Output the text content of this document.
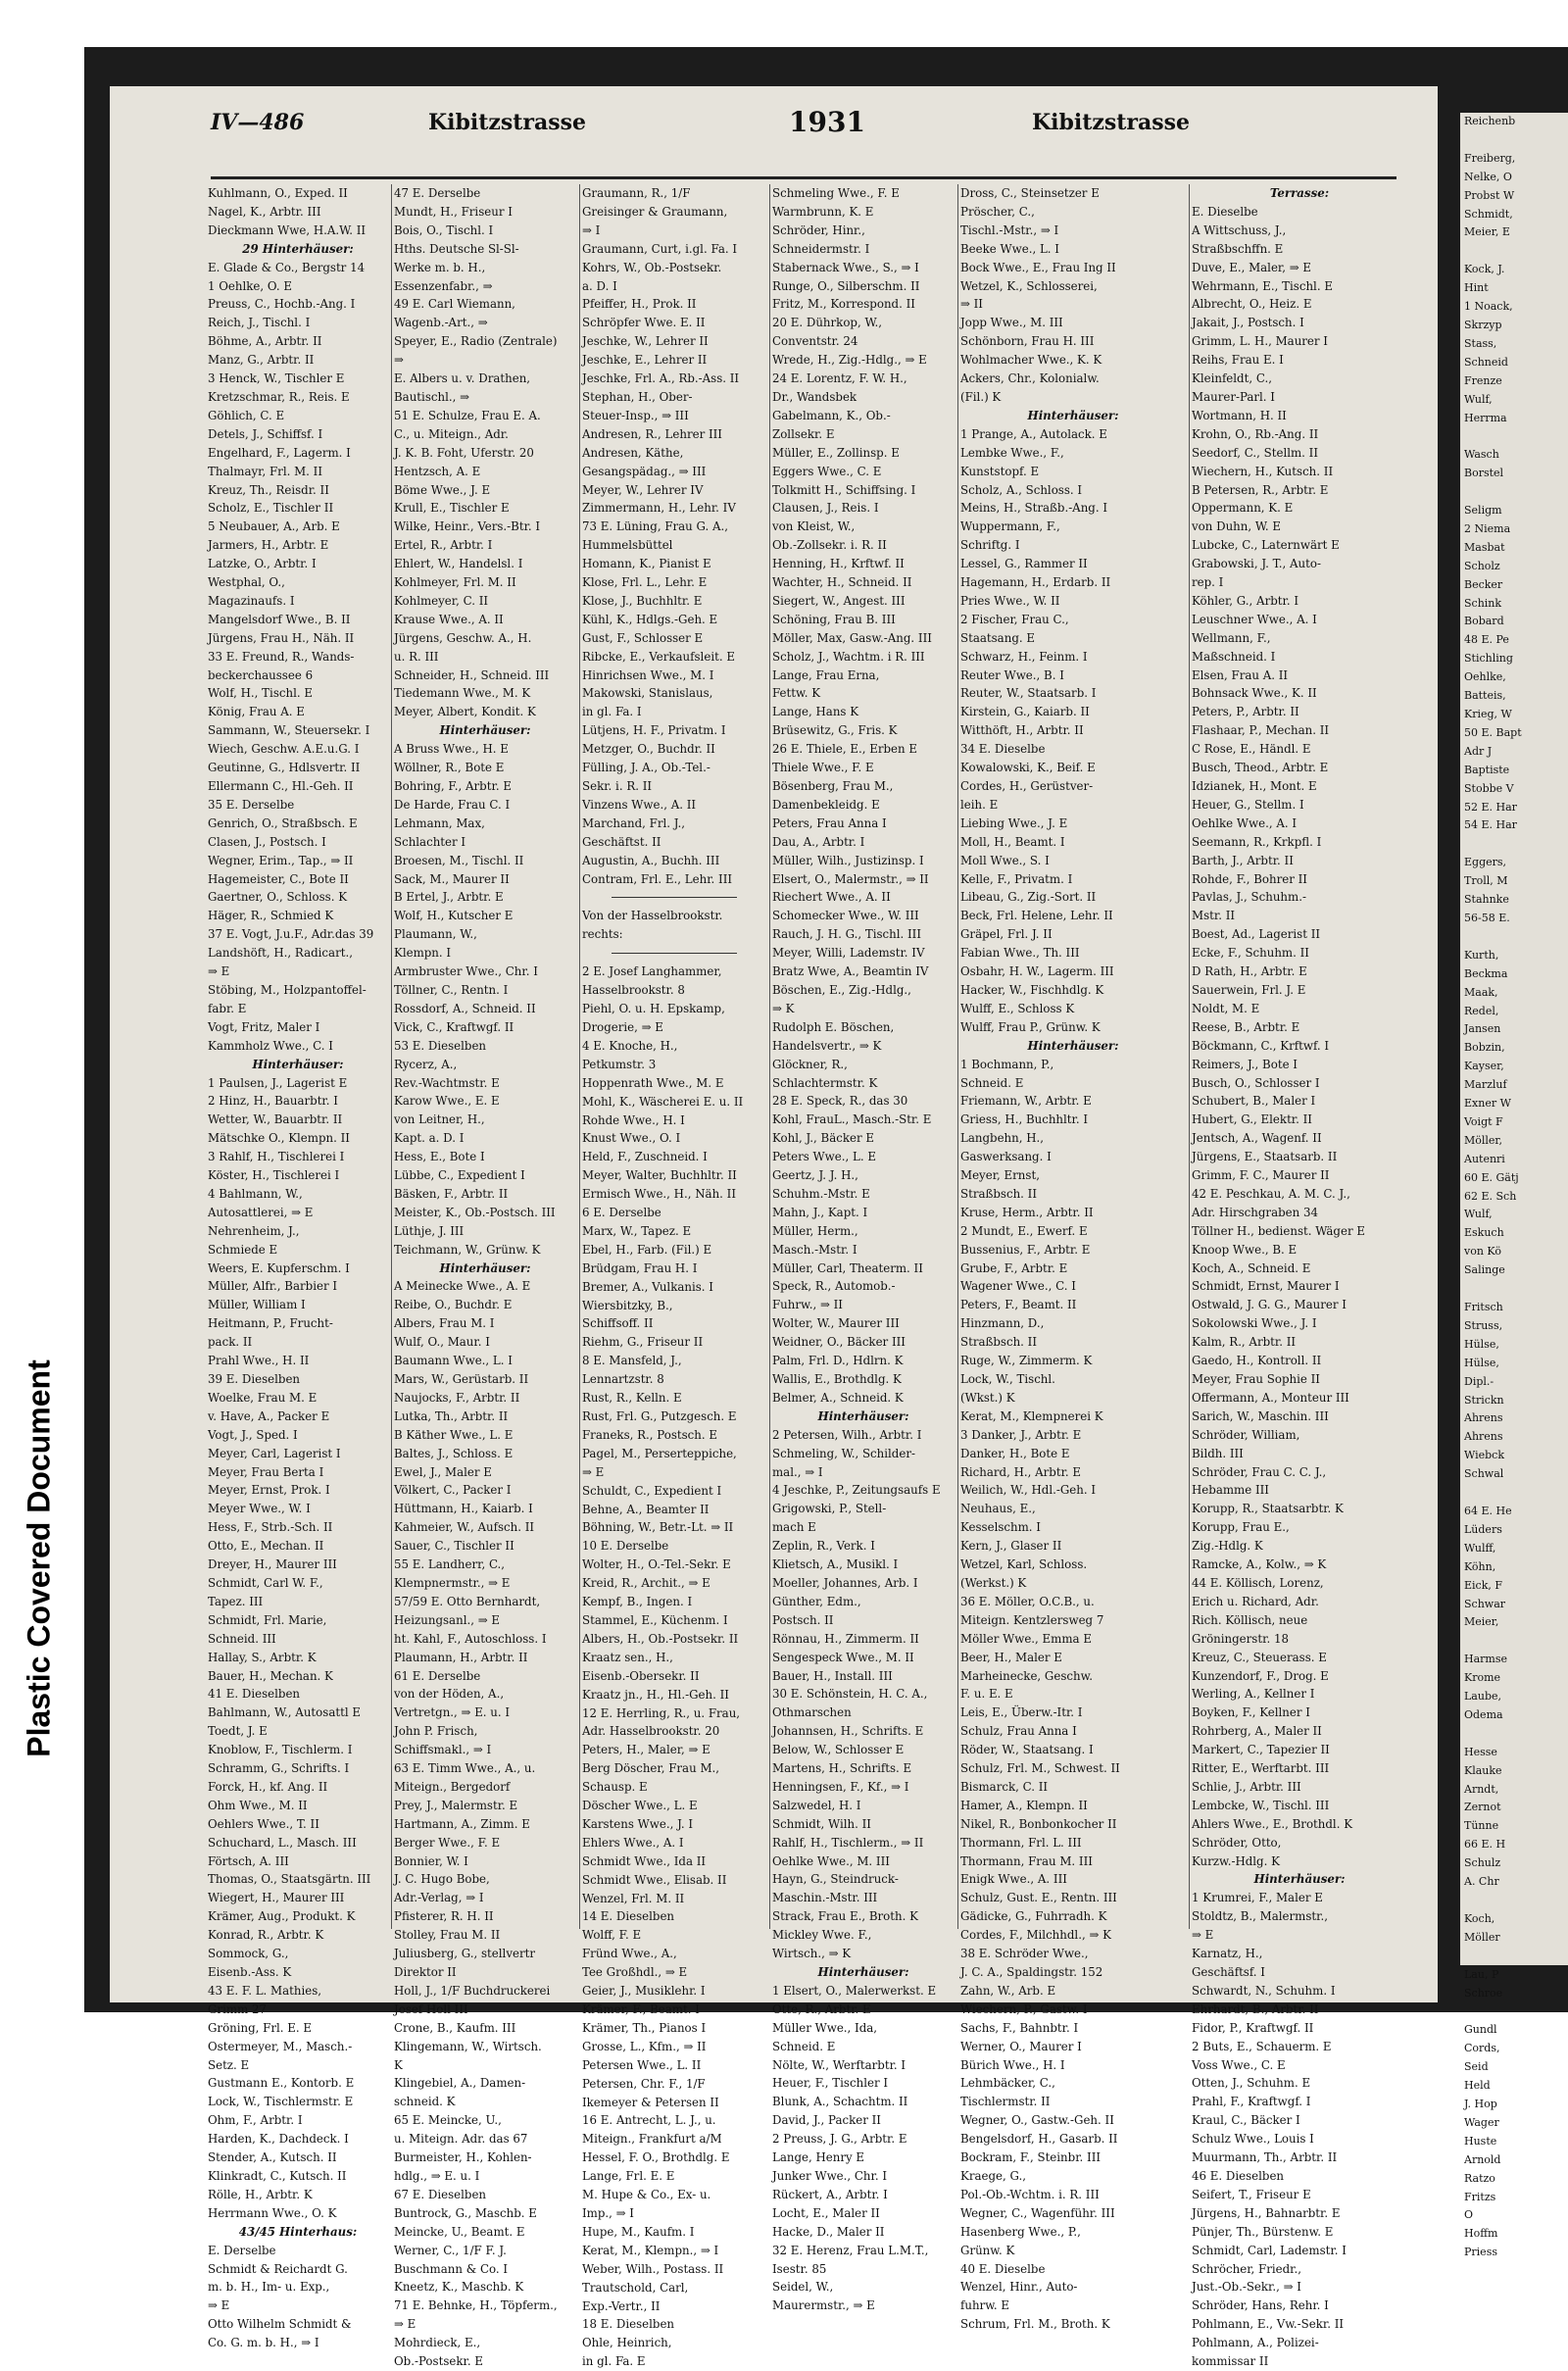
Plastic Covered Document
Reichenb

Freiberg,
Nelke, O
Probst W
Schmidt,
Meier, E

Kock, J.
Hint
1 Noack,
Skrzyp
Stass,
Schneid
Frenze
Wulf,
Herrma

Wasch
Borstel

Seligm
2 Niema
Masbat
Scholz
Becker
Schink
Bobard
48 E. Pe
Stichling
Oehlke,
Batteis,
Krieg, W
50 E. Bapt
Adr J
Baptiste
Stobbe V
52 E. Har
54 E. Har

Eggers,
Troll, M
Stahnke
56-58 E.

Kurth,
Beckma
Maak,
Redel,
Jansen
Bobzin,
Kayser,
Marzluf
Exner W
Voigt F
Möller,
Autenri
60 E. Gätj
62 E. Sch
Wulf,
Eskuch
von Kö
Salinge

Fritsch
Struss,
Hülse,
Hülse,
Dipl.-
Strickn
Ahrens
Ahrens
Wiebck
Schwal

64 E. He
Lüders
Wulff,
Köhn,
Eick, F
Schwar
Meier,

Harmse
Krome
Laube,
Odema

Hesse
Klauke
Arndt,
Zernot
Tünne
66 E. H
Schulz
A. Chr

Koch,
Möller

Lau, P
Schroe

Gundl
Cords,
Seid
Held
J. Hop
Wager
Huste
Arnold
Ratzo
Fritzs
O
Hoffm
Priess
IV—486	Kibitzstrasse	1931	Kibitzstrasse
Kuhlmann, O., Exped. II
Nagel, K., Arbtr. III
Dieckmann Wwe, H.A.W. II
29 Hinterhäuser:
E. Glade & Co., Bergstr 14
1 Oehlke, O. E
Preuss, C., Hochb.-Ang. I
Reich, J., Tischl. I
Böhme, A., Arbtr. II
Manz, G., Arbtr. II
3 Henck, W., Tischler E
Kretzschmar, R., Reis. E
Göhlich, C. E
Detels, J., Schiffsf. I
Engelhard, F., Lagerm. I
Thalmayr, Frl. M. II
Kreuz, Th., Reisdr. II
Scholz, E., Tischler II
5 Neubauer, A., Arb. E
Jarmers, H., Arbtr. E
Latzke, O., Arbtr. I
Westphal, O.,
Magazinaufs. I
Mangelsdorf Wwe., B. II
Jürgens, Frau H., Näh. II
33 E. Freund, R., Wands-
beckerchaussee 6
Wolf, H., Tischl. E
König, Frau A. E
Sammann, W., Steuersekr. I
Wiech, Geschw. A.E.u.G. I
Geutinne, G., Hdlsvertr. II
Ellermann C., Hl.-Geh. II
35 E. Derselbe
Genrich, O., Straßbsch. E
Clasen, J., Postsch. I
Wegner, Erim., Tap., ⇒ II
Hagemeister, C., Bote II
Gaertner, O., Schloss. K
Häger, R., Schmied K
37 E. Vogt, J.u.F., Adr.das 39
Landshöft, H., Radicart.,
⇒ E
Stöbing, M., Holzpantoffel-
fabr. E
Vogt, Fritz, Maler I
Kammholz Wwe., C. I
Hinterhäuser:
1 Paulsen, J., Lagerist E
2 Hinz, H., Bauarbtr. I
Wetter, W., Bauarbtr. II
Mätschke O., Klempn. II
3 Rahlf, H., Tischlerei I
Köster, H., Tischlerei I
4 Bahlmann, W.,
Autosattlerei, ⇒ E
Nehrenheim, J.,
Schmiede E
Weers, E. Kupferschm. I
Müller, Alfr., Barbier I
Müller, William I
Heitmann, P., Frucht-
pack. II
Prahl Wwe., H. II
39 E. Dieselben
Woelke, Frau M. E
v. Have, A., Packer E
Vogt, J., Sped. I
Meyer, Carl, Lagerist I
Meyer, Frau Berta I
Meyer, Ernst, Prok. I
Meyer Wwe., W. I
Hess, F., Strb.-Sch. II
Otto, E., Mechan. II
Dreyer, H., Maurer III
Schmidt, Carl W. F.,
Tapez. III
Schmidt, Frl. Marie,
Schneid. III
Hallay, S., Arbtr. K
Bauer, H., Mechan. K
41 E. Dieselben
Bahlmann, W., Autosattl E
Toedt, J. E
Knoblow, F., Tischlerm. I
Schramm, G., Schrifts. I
Forck, H., kf. Ang. II
Ohm Wwe., M. II
Oehlers Wwe., T. II
Schuchard, L., Masch. III
Förtsch, A. III
Thomas, O., Staatsgärtn. III
Wiegert, H., Maurer III
Krämer, Aug., Produkt. K
Konrad, R., Arbtr. K
Sommock, G.,
Eisenb.-Ass. K
43 E. F. L. Mathies,
Grimm 27
Gröning, Frl. E. E
Ostermeyer, M., Masch.-
Setz. E
Gustmann E., Kontorb. E
Lock, W., Tischlermstr. E
Ohm, F., Arbtr. I
Harden, K., Dachdeck. I
Stender, A., Kutsch. II
Klinkradt, C., Kutsch. II
Rölle, H., Arbtr. K
Herrmann Wwe., O. K
43/45 Hinterhaus:
E. Derselbe
Schmidt & Reichardt G.
m. b. H., Im- u. Exp.,
⇒ E
Otto Wilhelm Schmidt &
Co. G. m. b. H., ⇒ I
47 E. Derselbe
Mundt, H., Friseur I
Bois, O., Tischl. I
Hths. Deutsche Sl-Sl-
Werke m. b. H.,
Essenzenfabr., ⇒
49 E. Carl Wiemann,
Wagenb.-Art., ⇒
Speyer, E., Radio (Zentrale)
⇒
E. Albers u. v. Drathen,
Bautischl., ⇒
51 E. Schulze, Frau E. A.
C., u. Miteign., Adr.
J. K. B. Foht, Uferstr. 20
Hentzsch, A. E
Böme Wwe., J. E
Krull, E., Tischler E
Wilke, Heinr., Vers.-Btr. I
Ertel, R., Arbtr. I
Ehlert, W., Handelsl. I
Kohlmeyer, Frl. M. II
Kohlmeyer, C. II
Krause Wwe., A. II
Jürgens, Geschw. A., H.
u. R. III
Schneider, H., Schneid. III
Tiedemann Wwe., M. K
Meyer, Albert, Kondit. K
Hinterhäuser:
A Bruss Wwe., H. E
Wöllner, R., Bote E
Bohring, F., Arbtr. E
De Harde, Frau C. I
Lehmann, Max,
Schlachter I
Broesen, M., Tischl. II
Sack, M., Maurer II
B Ertel, J., Arbtr. E
Wolf, H., Kutscher E
Plaumann, W.,
Klempn. I
Armbruster Wwe., Chr. I
Töllner, C., Rentn. I
Rossdorf, A., Schneid. II
Vick, C., Kraftwgf. II
53 E. Dieselben
Rycerz, A.,
Rev.-Wachtmstr. E
Karow Wwe., E. E
von Leitner, H.,
Kapt. a. D. I
Hess, E., Bote I
Lübbe, C., Expedient I
Bäsken, F., Arbtr. II
Meister, K., Ob.-Postsch. III
Lüthje, J. III
Teichmann, W., Grünw. K
Hinterhäuser:
A Meinecke Wwe., A. E
Reibe, O., Buchdr. E
Albers, Frau M. I
Wulf, O., Maur. I
Baumann Wwe., L. I
Mars, W., Gerüstarb. II
Naujocks, F., Arbtr. II
Lutka, Th., Arbtr. II
B Käther Wwe., L. E
Baltes, J., Schloss. E
Ewel, J., Maler E
Völkert, C., Packer I
Hüttmann, H., Kaiarb. I
Kahmeier, W., Aufsch. II
Sauer, C., Tischler II
55 E. Landherr, C.,
Klempnermstr., ⇒ E
57/59 E. Otto Bernhardt,
Heizungsanl., ⇒ E
ht. Kahl, F., Autoschloss. I
Plaumann, H., Arbtr. II
61 E. Derselbe
von der Höden, A.,
Vertretgn., ⇒ E. u. I
John P. Frisch,
Schiffsmakl., ⇒ I
63 E. Timm Wwe., A., u.
Miteign., Bergedorf
Prey, J., Malermstr. E
Hartmann, A., Zimm. E
Berger Wwe., F. E
Bonnier, W. I
J. C. Hugo Bobe,
Adr.-Verlag, ⇒ I
Pfisterer, R. H. II
Stolley, Frau M. II
Juliusberg, G., stellvertr
Direktor II
Holl, J., 1/F Buchdruckerei
Josef Holl III
Crone, B., Kaufm. III
Klingemann, W., Wirtsch.
K
Klingebiel, A., Damen-
schneid. K
65 E. Meincke, U.,
u. Miteign. Adr. das 67
Burmeister, H., Kohlen-
hdlg., ⇒ E. u. I
67 E. Dieselben
Buntrock, G., Maschb. E
Meincke, U., Beamt. E
Werner, C., 1/F F. J.
Buschmann & Co. I
Kneetz, K., Maschb. K
71 E. Behnke, H., Töpferm.,
⇒ E
Mohrdieck, E.,
Ob.-Postsekr. E
Graumann, R., 1/F
Greisinger & Graumann,
⇒ I
Graumann, Curt, i.gl. Fa. I
Kohrs, W., Ob.-Postsekr.
a. D. I
Pfeiffer, H., Prok. II
Schröpfer Wwe. E. II
Jeschke, W., Lehrer II
Jeschke, E., Lehrer II
Jeschke, Frl. A., Rb.-Ass. II
Stephan, H., Ober-
Steuer-Insp., ⇒ III
Andresen, R., Lehrer III
Andresen, Käthe,
Gesangspädag., ⇒ III
Meyer, W., Lehrer IV
Zimmermann, H., Lehr. IV
73 E. Lüning, Frau G. A.,
Hummelsbüttel
Homann, K., Pianist E
Klose, Frl. L., Lehr. E
Klose, J., Buchhltr. E
Kühl, K., Hdlgs.-Geh. E
Gust, F., Schlosser E
Ribcke, E., Verkaufsleit. E
Hinrichsen Wwe., M. I
Makowski, Stanislaus,
in gl. Fa. I
Lütjens, H. F., Privatm. I
Metzger, O., Buchdr. II
Fülling, J. A., Ob.-Tel.-
Sekr. i. R. II
Vinzens Wwe., A. II
Marchand, Frl. J.,
Geschäftst. II
Augustin, A., Buchh. III
Contram, Frl. E., Lehr. III
Von der Hasselbrookstr.
rechts:
2 E. Josef Langhammer,
Hasselbrookstr. 8
Piehl, O. u. H. Epskamp,
Drogerie, ⇒ E
4 E. Knoche, H.,
Petkumstr. 3
Hoppenrath Wwe., M. E
Mohl, K., Wäscherei E. u. II
Rohde Wwe., H. I
Knust Wwe., O. I
Held, F., Zuschneid. I
Meyer, Walter, Buchhltr. II
Ermisch Wwe., H., Näh. II
6 E. Derselbe
Marx, W., Tapez. E
Ebel, H., Farb. (Fil.) E
Brüdgam, Frau H. I
Bremer, A., Vulkanis. I
Wiersbitzky, B.,
Schiffsoff. II
Riehm, G., Friseur II
8 E. Mansfeld, J.,
Lennartzstr. 8
Rust, R., Kelln. E
Rust, Frl. G., Putzgesch. E
Franeks, R., Postsch. E
Pagel, M., Perserteppiche,
⇒ E
Schuldt, C., Expedient I
Behne, A., Beamter II
Böhning, W., Betr.-Lt. ⇒ II
10 E. Derselbe
Wolter, H., O.-Tel.-Sekr. E
Kreid, R., Archit., ⇒ E
Kempf, B., Ingen. I
Stammel, E., Küchenm. I
Albers, H., Ob.-Postsekr. II
Kraatz sen., H.,
Eisenb.-Obersekr. II
Kraatz jn., H., Hl.-Geh. II
12 E. Herrling, R., u. Frau,
Adr. Hasselbrookstr. 20
Peters, H., Maler, ⇒ E
Berg Döscher, Frau M.,
Schausp. E
Döscher Wwe., L. E
Karstens Wwe., J. I
Ehlers Wwe., A. I
Schmidt Wwe., Ida II
Schmidt Wwe., Elisab. II
Wenzel, Frl. M. II
14 E. Dieselben
Wolff, F. E
Fründ Wwe., A.,
Tee Großhdl., ⇒ E
Geier, J., Musiklehr. I
Krämer, F., Beamt. I
Krämer, Th., Pianos I
Grosse, L., Kfm., ⇒ II
Petersen Wwe., L. II
Petersen, Chr. F., 1/F
Ikemeyer & Petersen II
16 E. Antrecht, L. J., u.
Miteign., Frankfurt a/M
Hessel, F. O., Brothdlg. E
Lange, Frl. E. E
M. Hupe & Co., Ex- u.
Imp., ⇒ I
Hupe, M., Kaufm. I
Kerat, M., Klempn., ⇒ I
Weber, Wilh., Postass. II
Trautschold, Carl,
Exp.-Vertr., II
18 E. Dieselben
Ohle, Heinrich,
in gl. Fa. E
Schmeling Wwe., F. E
Warmbrunn, K. E
Schröder, Hinr.,
Schneidermstr. I
Stabernack Wwe., S., ⇒ I
Runge, O., Silberschm. II
Fritz, M., Korrespond. II
20 E. Dührkop, W.,
Conventstr. 24
Wrede, H., Zig.-Hdlg., ⇒ E
24 E. Lorentz, F. W. H.,
Dr., Wandsbek
Gabelmann, K., Ob.-
Zollsekr. E
Müller, E., Zollinsp. E
Eggers Wwe., C. E
Tolkmitt H., Schiffsing. I
Clausen, J., Reis. I
von Kleist, W.,
Ob.-Zollsekr. i. R. II
Henning, H., Krftwf. II
Wachter, H., Schneid. II
Siegert, W., Angest. III
Schöning, Frau B. III
Möller, Max, Gasw.-Ang. III
Scholz, J., Wachtm. i R. III
Lange, Frau Erna,
Fettw. K
Lange, Hans K
Brüsewitz, G., Fris. K
26 E. Thiele, E., Erben E
Thiele Wwe., F. E
Bösenberg, Frau M.,
Damenbekleidg. E
Peters, Frau Anna I
Dau, A., Arbtr. I
Müller, Wilh., Justizinsp. I
Elsert, O., Malermstr., ⇒ II
Riechert Wwe., A. II
Schomecker Wwe., W. III
Rauch, J. H. G., Tischl. III
Meyer, Willi, Lademstr. IV
Bratz Wwe, A., Beamtin IV
Böschen, E., Zig.-Hdlg.,
⇒ K
Rudolph E. Böschen,
Handelsvertr., ⇒ K
Glöckner, R.,
Schlachtermstr. K
28 E. Speck, R., das 30
Kohl, FrauL., Masch.-Str. E
Kohl, J., Bäcker E
Peters Wwe., L. E
Geertz, J. J. H.,
Schuhm.-Mstr. E
Mahn, J., Kapt. I
Müller, Herm.,
Masch.-Mstr. I
Müller, Carl, Theaterm. II
Speck, R., Automob.-
Fuhrw., ⇒ II
Wolter, W., Maurer III
Weidner, O., Bäcker III
Palm, Frl. D., Hdlrn. K
Wallis, E., Brothdlg. K
Belmer, A., Schneid. K
Hinterhäuser:
2 Petersen, Wilh., Arbtr. I
Schmeling, W., Schilder-
mal., ⇒ I
4 Jeschke, P., Zeitungsaufs E
Grigowski, P., Stell-
mach E
Zeplin, R., Verk. I
Klietsch, A., Musikl. I
Moeller, Johannes, Arb. I
Günther, Edm.,
Postsch. II
Rönnau, H., Zimmerm. II
Sengespeck Wwe., M. II
Bauer, H., Install. III
30 E. Schönstein, H. C. A.,
Othmarschen
Johannsen, H., Schrifts. E
Below, W., Schlosser E
Martens, H., Schrifts. E
Henningsen, F., Kf., ⇒ I
Salzwedel, H. I
Schmidt, Wilh. II
Rahlf, H., Tischlerm., ⇒ II
Oehlke Wwe., M. III
Hayn, G., Steindruck-
Maschin.-Mstr. III
Strack, Frau E., Broth. K
Mickley Wwe. F.,
Wirtsch., ⇒ K
Hinterhäuser:
1 Elsert, O., Malerwerkst. E
Otte, R., Arbtr. E
Müller Wwe., Ida,
Schneid. E
Nölte, W., Werftarbtr. I
Heuer, F., Tischler I
Blunk, A., Schachtm. II
David, J., Packer II
2 Preuss, J. G., Arbtr. E
Lange, Henry E
Junker Wwe., Chr. I
Rückert, A., Arbtr. I
Locht, E., Maler II
Hacke, D., Maler II
32 E. Herenz, Frau L.M.T.,
Isestr. 85
Seidel, W.,
Maurermstr., ⇒ E
Dross, C., Steinsetzer E
Pröscher, C.,
Tischl.-Mstr., ⇒ I
Beeke Wwe., L. I
Bock Wwe., E., Frau Ing II
Wetzel, K., Schlosserei,
⇒ II
Jopp Wwe., M. III
Schönborn, Frau H. III
Wohlmacher Wwe., K. K
Ackers, Chr., Kolonialw.
(Fil.) K
Hinterhäuser:
1 Prange, A., Autolack. E
Lembke Wwe., F.,
Kunststopf. E
Scholz, A., Schloss. I
Meins, H., Straßb.-Ang. I
Wuppermann, F.,
Schriftg. I
Lessel, G., Rammer II
Hagemann, H., Erdarb. II
Pries Wwe., W. II
2 Fischer, Frau C.,
Staatsang. E
Schwarz, H., Feinm. I
Reuter Wwe., B. I
Reuter, W., Staatsarb. I
Kirstein, G., Kaiarb. II
Witthöft, H., Arbtr. II
34 E. Dieselbe
Kowalowski, K., Beif. E
Cordes, H., Gerüstver-
leih. E
Liebing Wwe., J. E
Moll, H., Beamt. I
Moll Wwe., S. I
Kelle, F., Privatm. I
Libeau, G., Zig.-Sort. II
Beck, Frl. Helene, Lehr. II
Gräpel, Frl. J. II
Fabian Wwe., Th. III
Osbahr, H. W., Lagerm. III
Hacker, W., Fischhdlg. K
Wulff, E., Schloss K
Wulff, Frau P., Grünw. K
Hinterhäuser:
1 Bochmann, P.,
Schneid. E
Friemann, W., Arbtr. E
Griess, H., Buchhltr. I
Langbehn, H.,
Gaswerksang. I
Meyer, Ernst,
Straßbsch. II
Kruse, Herm., Arbtr. II
2 Mundt, E., Ewerf. E
Bussenius, F., Arbtr. E
Grube, F., Arbtr. E
Wagener Wwe., C. I
Peters, F., Beamt. II
Hinzmann, D.,
Straßbsch. II
Ruge, W., Zimmerm. K
Lock, W., Tischl.
(Wkst.) K
Kerat, M., Klempnerei K
3 Danker, J., Arbtr. E
Danker, H., Bote E
Richard, H., Arbtr. E
Weilich, W., Hdl.-Geh. I
Neuhaus, E.,
Kesselschm. I
Kern, J., Glaser II
Wetzel, Karl, Schloss.
(Werkst.) K
36 E. Möller, O.C.B., u.
Miteign. Kentzlersweg 7
Möller Wwe., Emma E
Beer, H., Maler E
Marheinecke, Geschw.
F. u. E. E
Leis, E., Überw.-Itr. I
Schulz, Frau Anna I
Röder, W., Staatsang. I
Schulz, Frl. M., Schwest. II
Bismarck, C. II
Hamer, A., Klempn. II
Nikel, R., Bonbonkocher II
Thormann, Frl. L. III
Thormann, Frau M. III
Enigk Wwe., A. III
Schulz, Gust. E., Rentn. III
Gädicke, G., Fuhrradh. K
Cordes, F., Milchhdl., ⇒ K
38 E. Schröder Wwe.,
J. C. A., Spaldingstr. 152
Zahn, W., Arb. E
Wiechern, P., Gastw. I
Sachs, F., Bahnbtr. I
Werner, O., Maurer I
Bürich Wwe., H. I
Lehmbäcker, C.,
Tischlermstr. II
Wegner, O., Gastw.-Geh. II
Bengelsdorf, H., Gasarb. II
Bockram, F., Steinbr. III
Kraege, G.,
Pol.-Ob.-Wchtm. i. R. III
Wegner, C., Wagenführ. III
Hasenberg Wwe., P.,
Grünw. K
40 E. Dieselbe
Wenzel, Hinr., Auto-
fuhrw. E
Schrum, Frl. M., Broth. K
Terrasse:
E. Dieselbe
A Wittschuss, J.,
Straßbschffn. E
Duve, E., Maler, ⇒ E
Wehrmann, E., Tischl. E
Albrecht, O., Heiz. E
Jakait, J., Postsch. I
Grimm, L. H., Maurer I
Reihs, Frau E. I
Kleinfeldt, C.,
Maurer-Parl. I
Wortmann, H. II
Krohn, O., Rb.-Ang. II
Seedorf, C., Stellm. II
Wiechern, H., Kutsch. II
B Petersen, R., Arbtr. E
Oppermann, K. E
von Duhn, W. E
Lubcke, C., Laternwärt E
Grabowski, J. T., Auto-
rep. I
Köhler, G., Arbtr. I
Leuschner Wwe., A. I
Wellmann, F.,
Maßschneid. I
Elsen, Frau A. II
Bohnsack Wwe., K. II
Peters, P., Arbtr. II
Flashaar, P., Mechan. II
C Rose, E., Händl. E
Busch, Theod., Arbtr. E
Idzianek, H., Mont. E
Heuer, G., Stellm. I
Oehlke Wwe., A. I
Seemann, R., Krkpfl. I
Barth, J., Arbtr. II
Rohde, F., Bohrer II
Pavlas, J., Schuhm.-
Mstr. II
Boest, Ad., Lagerist II
Ecke, F., Schuhm. II
D Rath, H., Arbtr. E
Sauerwein, Frl. J. E
Noldt, M. E
Reese, B., Arbtr. E
Böckmann, C., Krftwf. I
Reimers, J., Bote I
Busch, O., Schlosser I
Schubert, B., Maler I
Hubert, G., Elektr. II
Jentsch, A., Wagenf. II
Jürgens, E., Staatsarb. II
Grimm, F. C., Maurer II
42 E. Peschkau, A. M. C. J.,
Adr. Hirschgraben 34
Töllner H., bedienst. Wäger E
Knoop Wwe., B. E
Koch, A., Schneid. E
Schmidt, Ernst, Maurer I
Ostwald, J. G. G., Maurer I
Sokolowski Wwe., J. I
Kalm, R., Arbtr. II
Gaedo, H., Kontroll. II
Meyer, Frau Sophie II
Offermann, A., Monteur III
Sarich, W., Maschin. III
Schröder, William,
Bildh. III
Schröder, Frau C. C. J.,
Hebamme III
Korupp, R., Staatsarbtr. K
Korupp, Frau E.,
Zig.-Hdlg. K
Ramcke, A., Kolw., ⇒ K
44 E. Köllisch, Lorenz,
Erich u. Richard, Adr.
Rich. Köllisch, neue
Gröningerstr. 18
Kreuz, C., Steuerass. E
Kunzendorf, F., Drog. E
Werling, A., Kellner I
Boyken, F., Kellner I
Rohrberg, A., Maler II
Markert, C., Tapezier II
Ritter, E., Werftarbt. III
Schlie, J., Arbtr. III
Lembcke, W., Tischl. III
Ahlers Wwe., E., Brothdl. K
Schröder, Otto,
Kurzw.-Hdlg. K
Hinterhäuser:
1 Krumrei, F., Maler E
Stoldtz, B., Malermstr.,
⇒ E
Karnatz, H.,
Geschäftsf. I
Schwardt, N., Schuhm. I
Ehrhardt, B., Arbtr. II
Fidor, P., Kraftwgf. II
2 Buts, E., Schauerm. E
Voss Wwe., C. E
Otten, J., Schuhm. E
Prahl, F., Kraftwgf. I
Kraul, C., Bäcker I
Schulz Wwe., Louis I
Muurmann, Th., Arbtr. II
46 E. Dieselben
Seifert, T., Friseur E
Jürgens, H., Bahnarbtr. E
Pünjer, Th., Bürstenw. E
Schmidt, Carl, Lademstr. I
Schröcher, Friedr.,
Just.-Ob.-Sekr., ⇒ I
Schröder, Hans, Rehr. I
Pohlmann, E., Vw.-Sekr. II
Pohlmann, A., Polizei-
kommissar II
